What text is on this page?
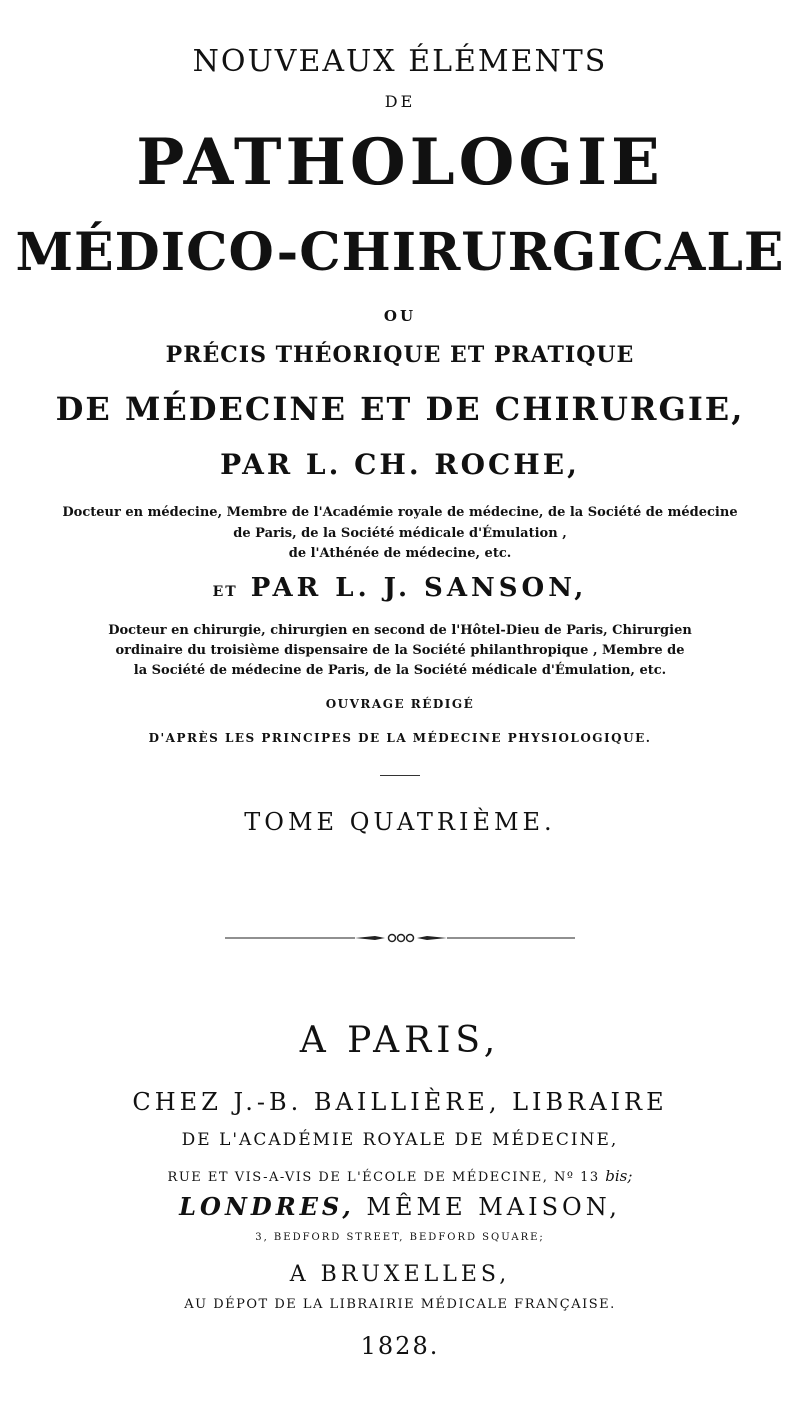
NOUVEAUX ÉLÉMENTS
DE
PATHOLOGIE
MÉDICO-CHIRURGICALE
OU
PRÉCIS THÉORIQUE ET PRATIQUE
DE MÉDECINE ET DE CHIRURGIE,
PAR L. CH. ROCHE,
Docteur en médecine, Membre de l'Académie royale de médecine, de la Société de médecine
de Paris, de la Société médicale d'Émulation ,
de l'Athénée de médecine, etc.
ET PAR L. J. SANSON,
Docteur en chirurgie, chirurgien en second de l'Hôtel-Dieu de Paris, Chirurgien
ordinaire du troisième dispensaire de la Société philanthropique , Membre de
la Société de médecine de Paris, de la Société médicale d'Émulation, etc.
OUVRAGE RÉDIGÉ
D'APRÈS LES PRINCIPES DE LA MÉDECINE PHYSIOLOGIQUE.
TOME QUATRIÈME.
A PARIS,
CHEZ J.-B. BAILLIÈRE, LIBRAIRE
DE L'ACADÉMIE ROYALE DE MÉDECINE,
RUE ET VIS-A-VIS DE L'ÉCOLE DE MÉDECINE, Nº 13 bis;
LONDRES, MÊME MAISON,
3, BEDFORD STREET, BEDFORD SQUARE;
A BRUXELLES,
AU DÉPOT DE LA LIBRAIRIE MÉDICALE FRANÇAISE.
1828.
